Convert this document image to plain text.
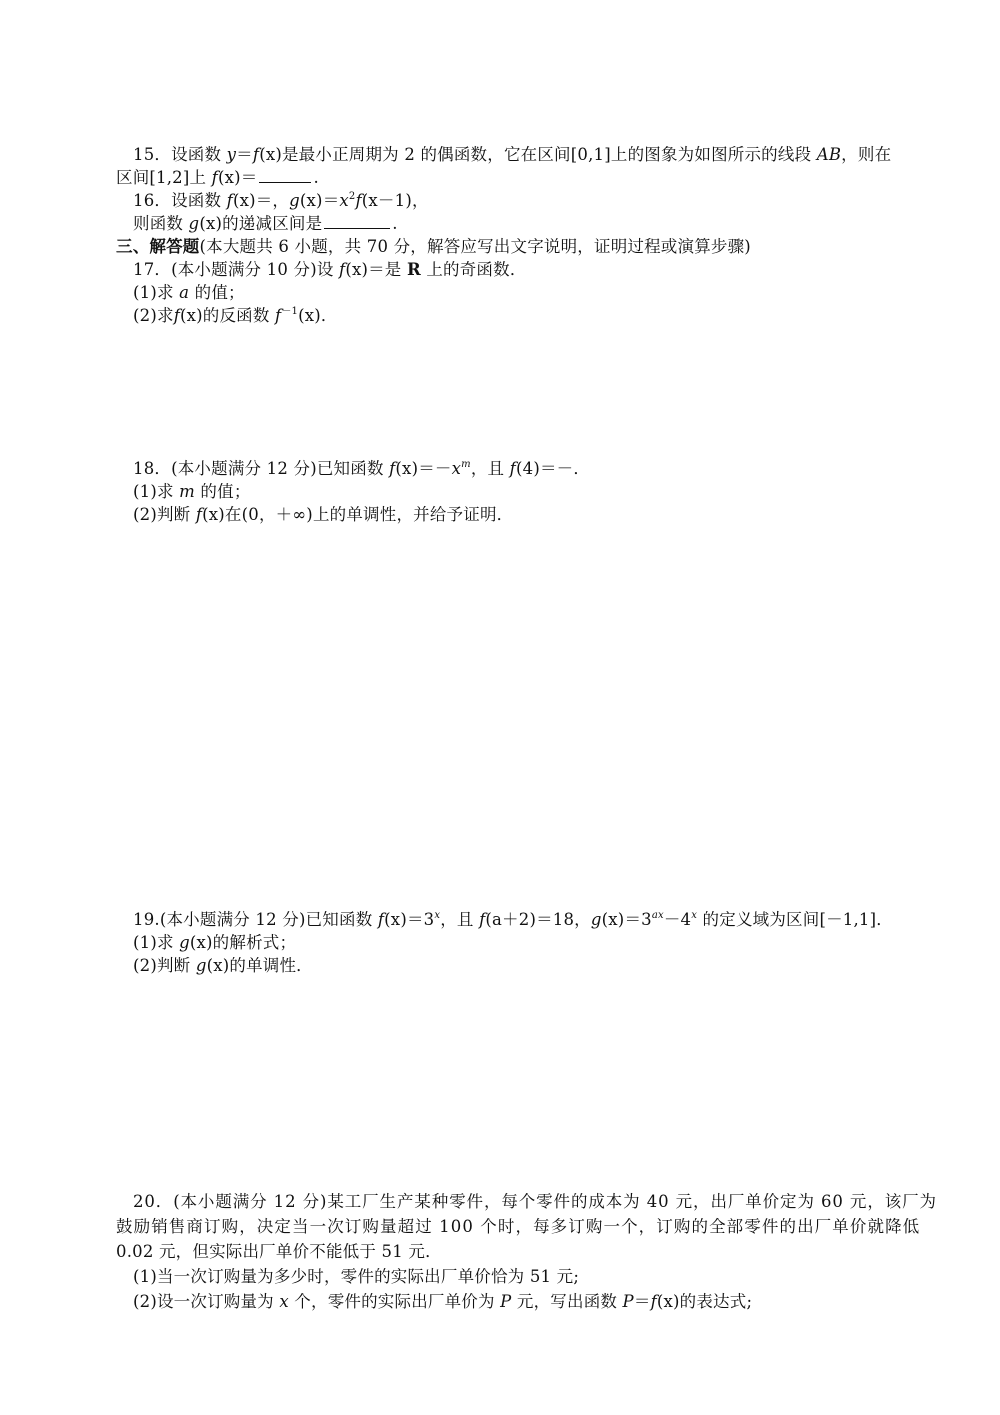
15．设函数 y＝f(x)是最小正周期为 2 的偶函数，它在区间[0,1]上的图象为如图所示的线段 AB，则在
区间[1,2]上 f(x)＝	.
16．设函数 f(x)＝，$g(x)=x^2f(x-1)$，
则函数 g(x)的递减区间是	.
三、解答题(本大题共 6 小题，共 70 分，解答应写出文字说明，证明过程或演算步骤)
17．(本小题满分 10 分)设 f(x)＝是 R 上的奇函数．
(1)求 a 的值；
(2)求f(x)的反函数 $f^{-1}(x)$．
18．(本小题满分 12 分)已知函数 $f(x)=-x^m$，且 f(4)＝－．
(1)求 m 的值；
(2)判断 f(x)在(0，＋∞)上的单调性，并给予证明．
19.(本小题满分 12 分)已知函数 $f(x)=3^x$，且 f(a＋2)＝18，$g(x)=3^{ax}-4^x$ 的定义域为区间[－1,1]．
(1)求 g(x)的解析式；
(2)判断 g(x)的单调性．
20．(本小题满分 12 分)某工厂生产某种零件，每个零件的成本为 40 元，出厂单价定为 60 元，该厂为
鼓励销售商订购，决定当一次订购量超过 100 个时，每多订购一个，订购的全部零件的出厂单价就降低
0.02 元，但实际出厂单价不能低于 51 元．
(1)当一次订购量为多少时，零件的实际出厂单价恰为 51 元;
(2)设一次订购量为 x 个，零件的实际出厂单价为 P 元，写出函数 P＝f(x)的表达式;
